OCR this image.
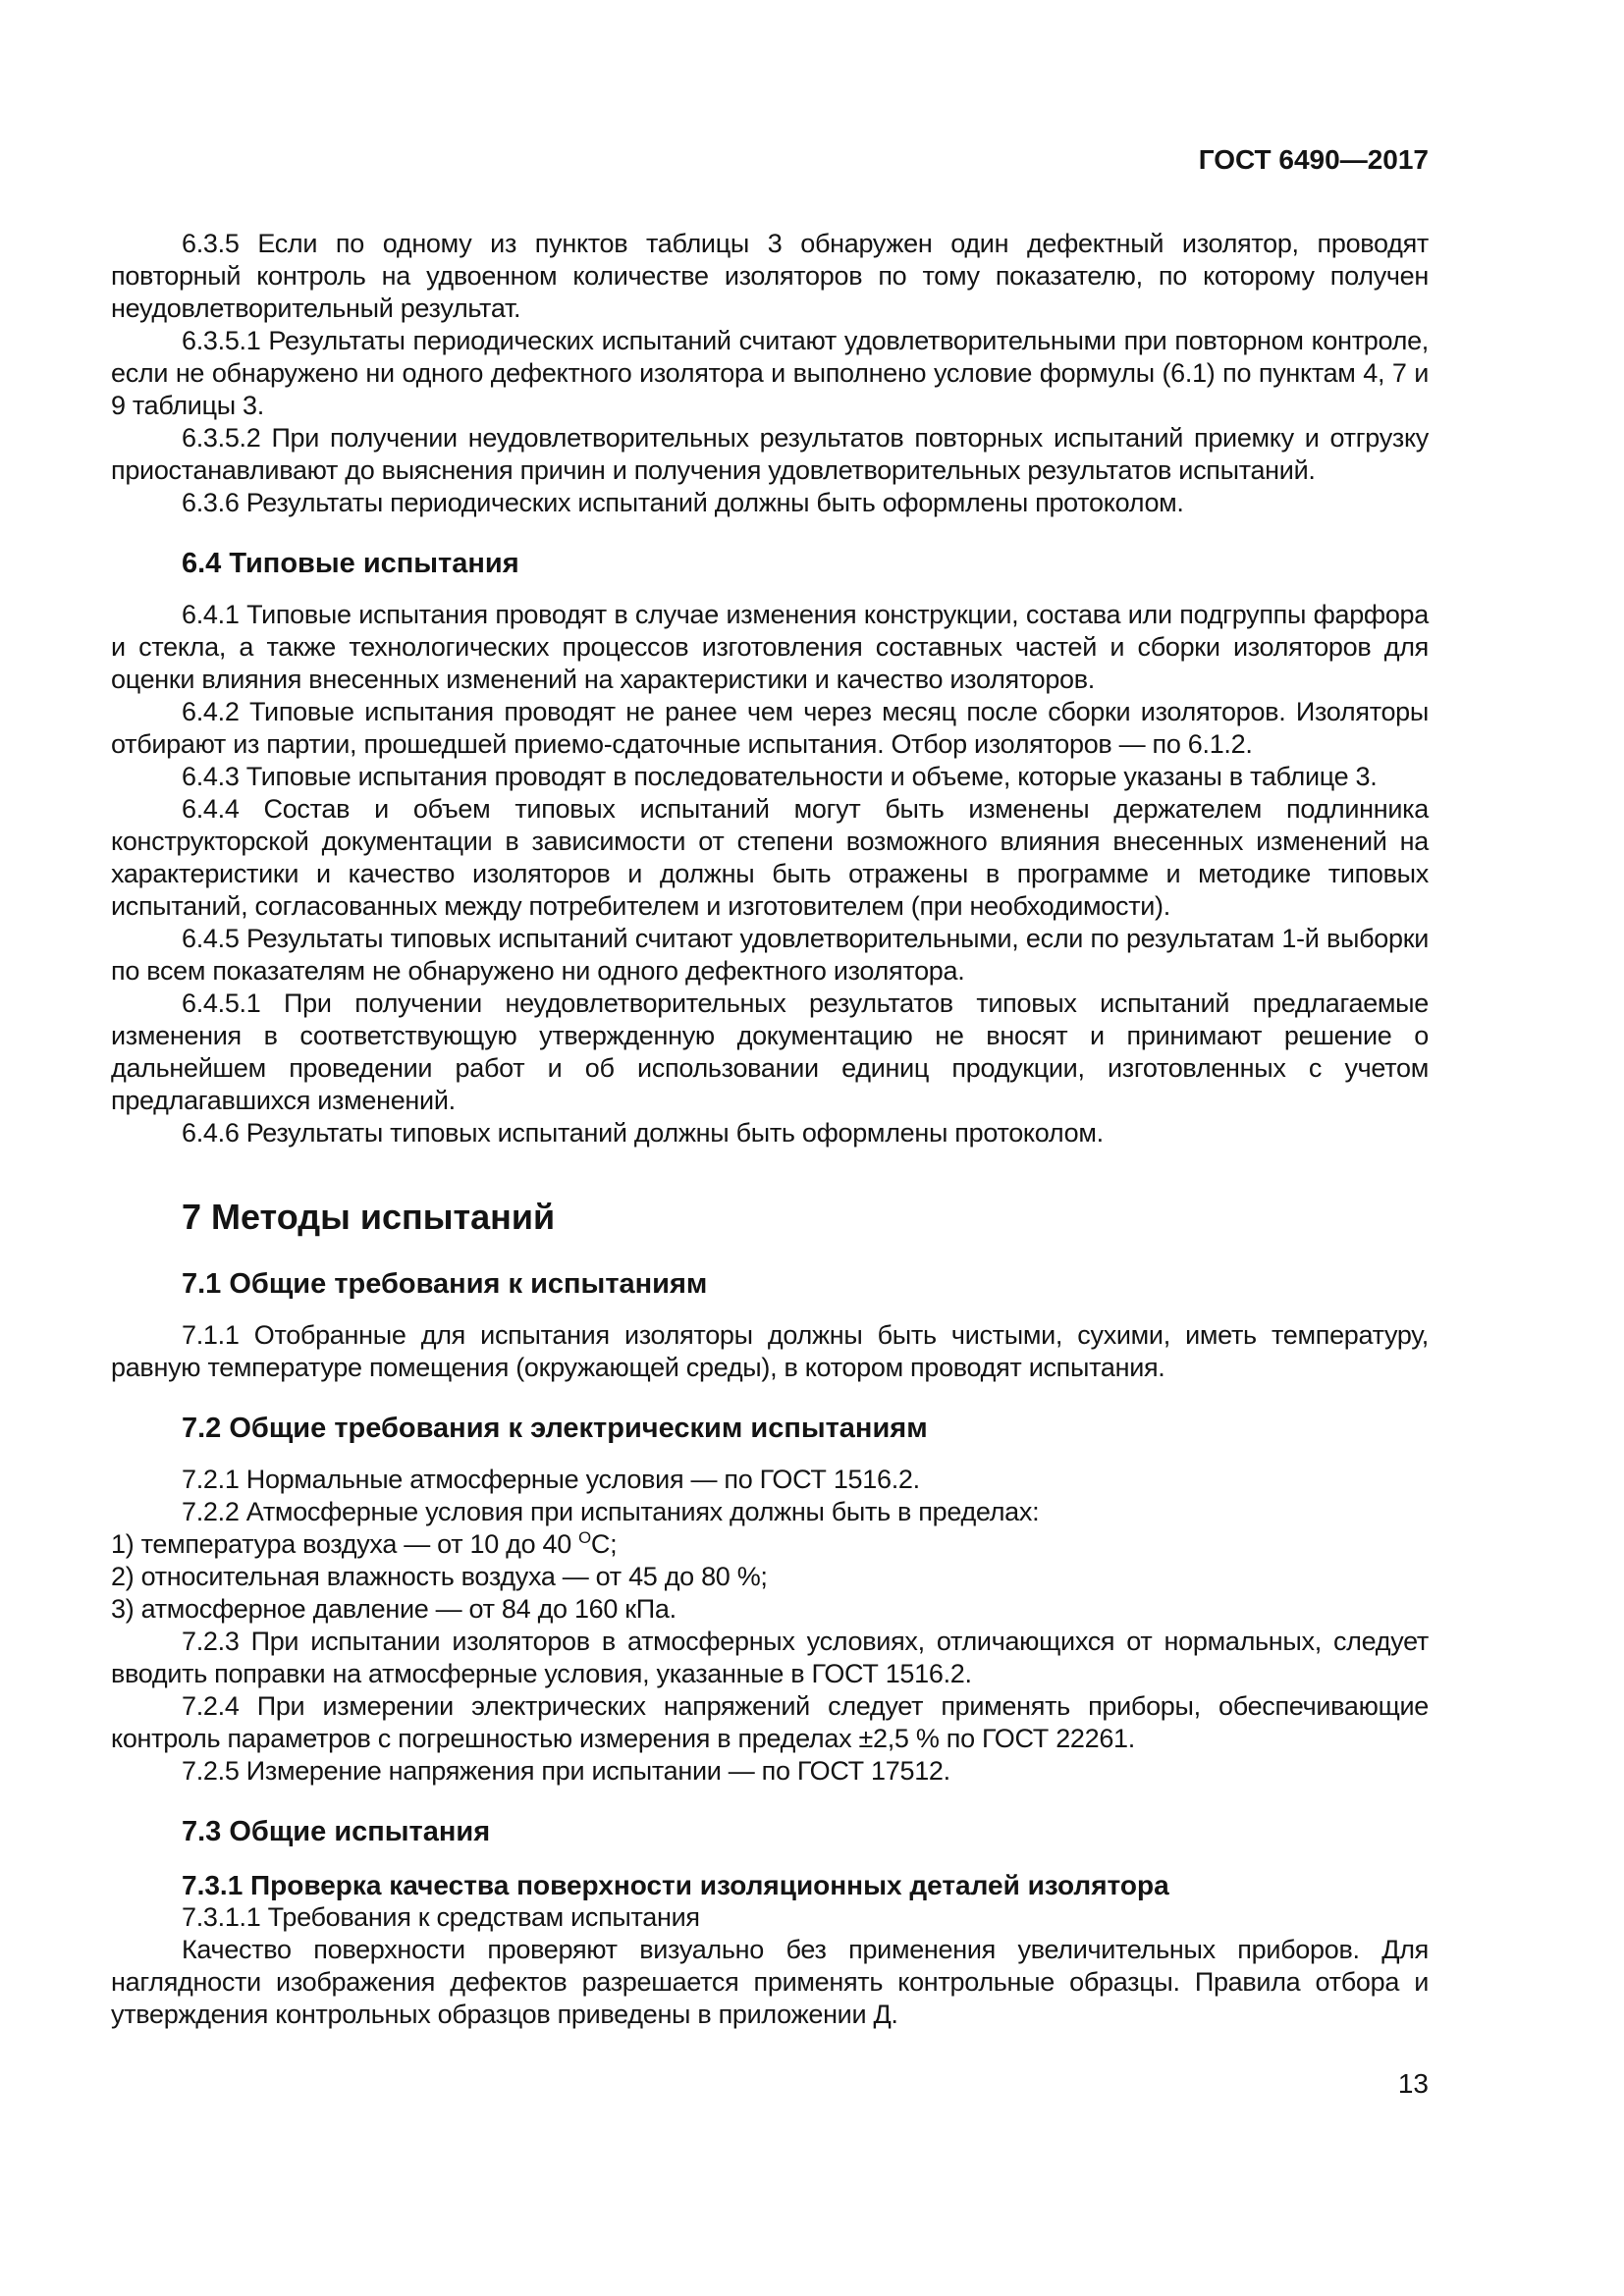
ГОСТ 6490—2017

6.3.5 Если по одному из пунктов таблицы 3 обнаружен один дефектный изолятор, проводят повторный контроль на удвоенном количестве изоляторов по тому показателю, по которому получен неудовлетворительный результат.

6.3.5.1 Результаты периодических испытаний считают удовлетворительными при повторном контроле, если не обнаружено ни одного дефектного изолятора и выполнено условие формулы (6.1) по пунктам 4, 7 и 9 таблицы 3.

6.3.5.2 При получении неудовлетворительных результатов повторных испытаний приемку и отгрузку приостанавливают до выяснения причин и получения удовлетворительных результатов испытаний.

6.3.6 Результаты периодических испытаний должны быть оформлены протоколом.

6.4 Типовые испытания

6.4.1 Типовые испытания проводят в случае изменения конструкции, состава или подгруппы фарфора и стекла, а также технологических процессов изготовления составных частей и сборки изоляторов для оценки влияния внесенных изменений на характеристики и качество изоляторов.

6.4.2 Типовые испытания проводят не ранее чем через месяц после сборки изоляторов. Изоляторы отбирают из партии, прошедшей приемо-сдаточные испытания. Отбор изоляторов — по 6.1.2.

6.4.3 Типовые испытания проводят в последовательности и объеме, которые указаны в таблице 3.

6.4.4 Состав и объем типовых испытаний могут быть изменены держателем подлинника конструкторской документации в зависимости от степени возможного влияния внесенных изменений на характеристики и качество изоляторов и должны быть отражены в программе и методике типовых испытаний, согласованных между потребителем и изготовителем (при необходимости).

6.4.5 Результаты типовых испытаний считают удовлетворительными, если по результатам 1-й выборки по всем показателям не обнаружено ни одного дефектного изолятора.

6.4.5.1 При получении неудовлетворительных результатов типовых испытаний предлагаемые изменения в соответствующую утвержденную документацию не вносят и принимают решение о дальнейшем проведении работ и об использовании единиц продукции, изготовленных с учетом предлагавшихся изменений.

6.4.6 Результаты типовых испытаний должны быть оформлены протоколом.

7 Методы испытаний

7.1 Общие требования к испытаниям

7.1.1 Отобранные для испытания изоляторы должны быть чистыми, сухими, иметь температуру, равную температуре помещения (окружающей среды), в котором проводят испытания.

7.2 Общие требования к электрическим испытаниям

7.2.1 Нормальные атмосферные условия — по ГОСТ 1516.2.

7.2.2 Атмосферные условия при испытаниях должны быть в пределах:

1) температура воздуха — от 10 до 40 $^О$С;

2) относительная влажность воздуха — от 45 до 80 %;

3) атмосферное давление — от 84 до 160 кПа.

7.2.3 При испытании изоляторов в атмосферных условиях, отличающихся от нормальных, следует вводить поправки на атмосферные условия, указанные в ГОСТ 1516.2.

7.2.4 При измерении электрических напряжений следует применять приборы, обеспечивающие контроль параметров с погрешностью измерения в пределах ±2,5 % по ГОСТ 22261.

7.2.5 Измерение напряжения при испытании — по ГОСТ 17512.

7.3 Общие испытания

7.3.1 Проверка качества поверхности изоляционных деталей изолятора

7.3.1.1 Требования к средствам испытания

Качество поверхности проверяют визуально без применения увеличительных приборов. Для наглядности изображения дефектов разрешается применять контрольные образцы. Правила отбора и утверждения контрольных образцов приведены в приложении Д.

13
